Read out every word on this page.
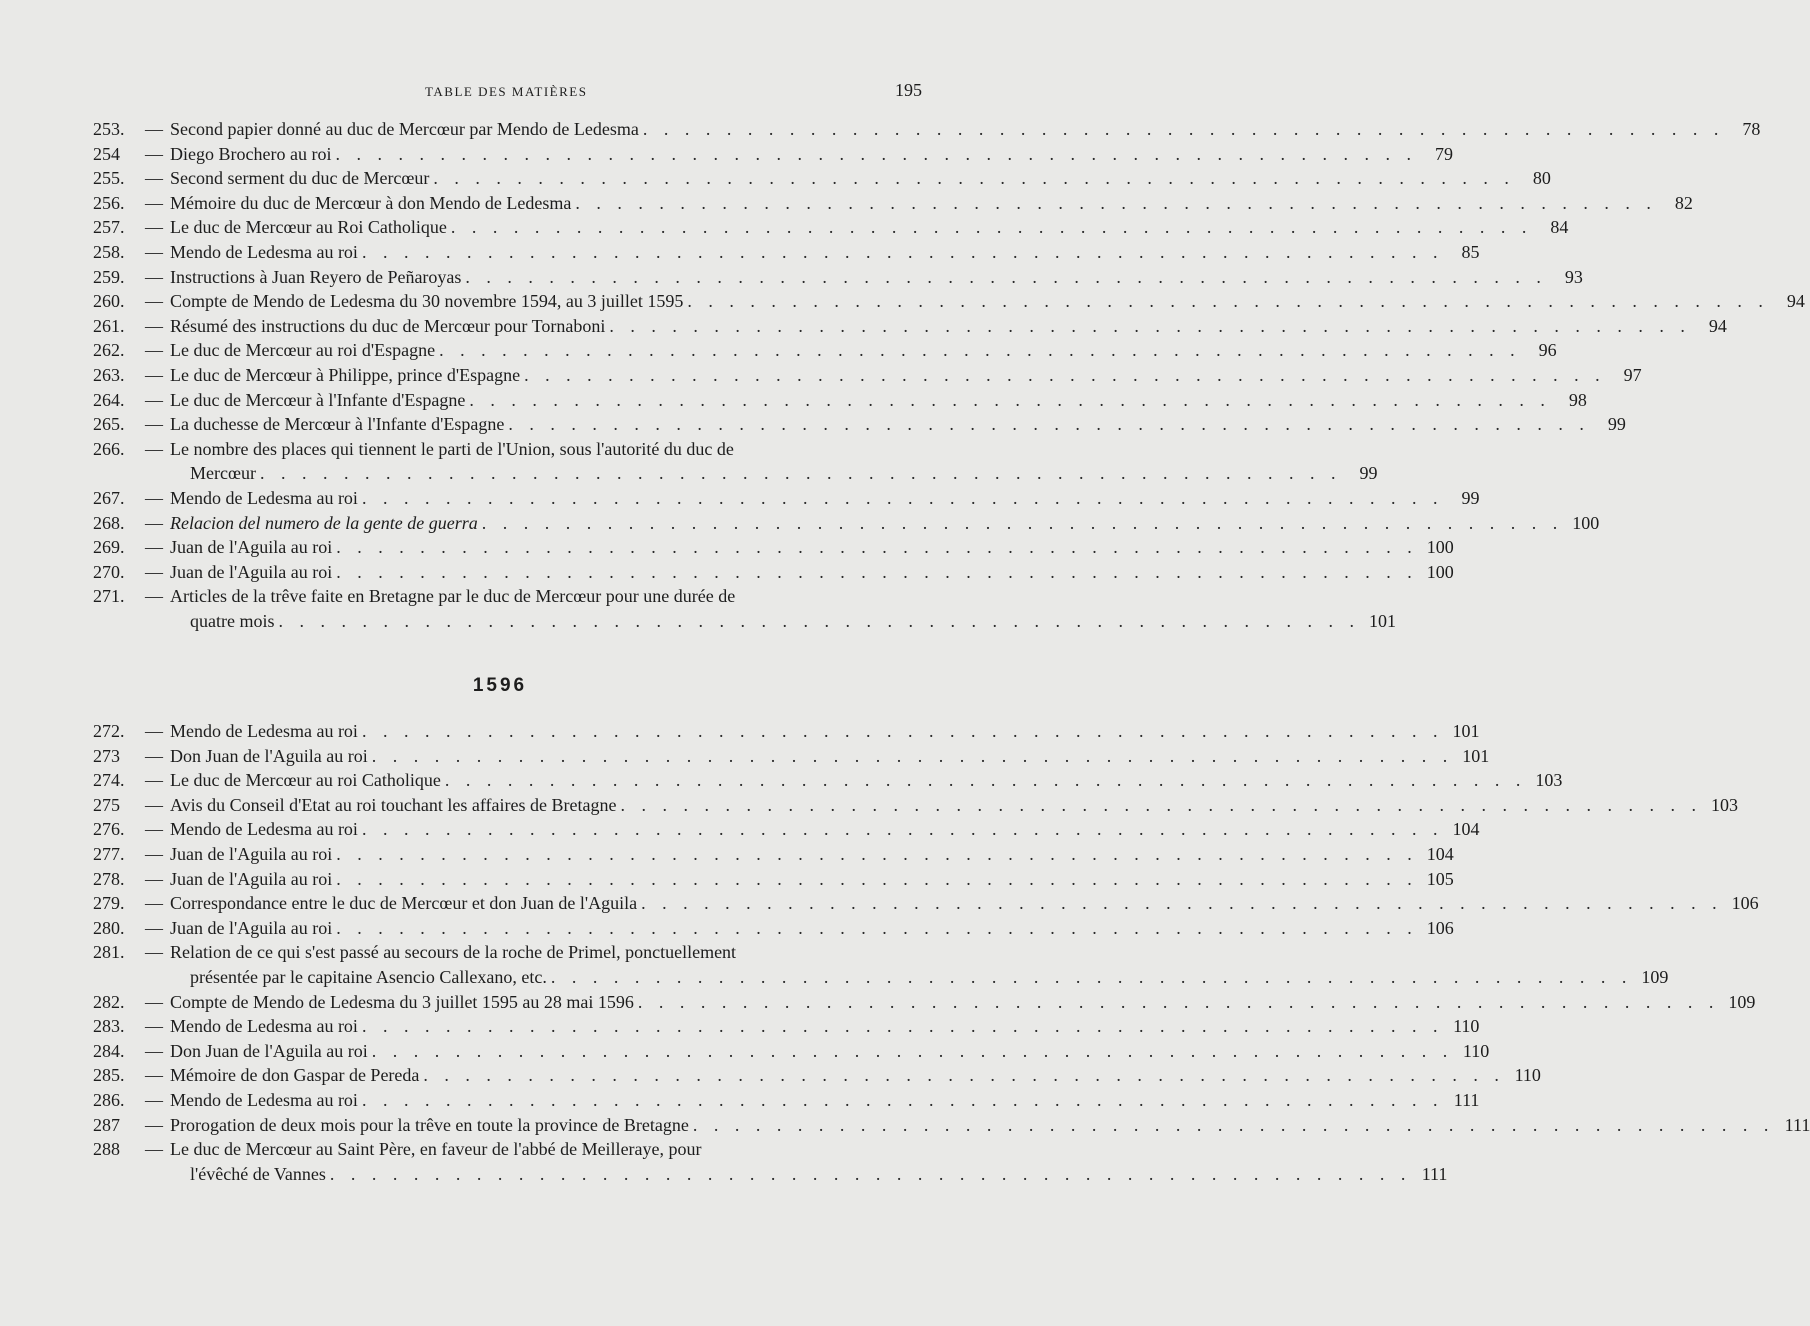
TABLE DES MATIÈRES	195
253.	— Second papier donné au duc de Mercœur par Mendo de Ledesma . . . . . . . . . . . . . . . . . . . . . . . . . . . . . . . . . . . . . . . . . . . . . . . . . . . .	78
254	— Diego Brochero au roi . . . . . . . . . . . . . . . . . . . . . . . . . . . . . . . . . . . . . . . . . . . . . . . . . . . .	79
255.	— Second serment du duc de Mercœur . . . . . . . . . . . . . . . . . . . . . . . . . . . . . . . . . . . . . . . . . . . . . . . . . . . .	80
256.	— Mémoire du duc de Mercœur à don Mendo de Ledesma . . . . . . . . . . . . . . . . . . . . . . . . . . . . . . . . . . . . . . . . . . . . . . . . . . . .	82
257.	— Le duc de Mercœur au Roi Catholique . . . . . . . . . . . . . . . . . . . . . . . . . . . . . . . . . . . . . . . . . . . . . . . . . . . .	84
258.	— Mendo de Ledesma au roi . . . . . . . . . . . . . . . . . . . . . . . . . . . . . . . . . . . . . . . . . . . . . . . . . . . .	85
259.	— Instructions à Juan Reyero de Peñaroyas . . . . . . . . . . . . . . . . . . . . . . . . . . . . . . . . . . . . . . . . . . . . . . . . . . . .	93
260.	— Compte de Mendo de Ledesma du 30 novembre 1594, au 3 juillet 1595 . . . . . . . . . . . . . . . . . . . . . . . . . . . . . . . . . . . . . . . . . . . . . . . . . . . .	94
261.	— Résumé des instructions du duc de Mercœur pour Tornaboni . . . . . . . . . . . . . . . . . . . . . . . . . . . . . . . . . . . . . . . . . . . . . . . . . . . .	94
262.	— Le duc de Mercœur au roi d'Espagne . . . . . . . . . . . . . . . . . . . . . . . . . . . . . . . . . . . . . . . . . . . . . . . . . . . .	96
263.	— Le duc de Mercœur à Philippe, prince d'Espagne . . . . . . . . . . . . . . . . . . . . . . . . . . . . . . . . . . . . . . . . . . . . . . . . . . . .	97
264.	— Le duc de Mercœur à l'Infante d'Espagne . . . . . . . . . . . . . . . . . . . . . . . . . . . . . . . . . . . . . . . . . . . . . . . . . . . .	98
265.	— La duchesse de Mercœur à l'Infante d'Espagne . . . . . . . . . . . . . . . . . . . . . . . . . . . . . . . . . . . . . . . . . . . . . . . . . . . .	99
266.	— Le nombre des places qui tiennent le parti de l'Union, sous l'autorité du duc de
Mercœur . . . . . . . . . . . . . . . . . . . . . . . . . . . . . . . . . . . . . . . . . . . . . . . . . . . .	99
267.	— Mendo de Ledesma au roi . . . . . . . . . . . . . . . . . . . . . . . . . . . . . . . . . . . . . . . . . . . . . . . . . . . .	99
268.	— Relacion del numero de la gente de guerra . . . . . . . . . . . . . . . . . . . . . . . . . . . . . . . . . . . . . . . . . . . . . . . . . . . . 100
269.	— Juan de l'Aguila au roi . . . . . . . . . . . . . . . . . . . . . . . . . . . . . . . . . . . . . . . . . . . . . . . . . . . . 100
270.	— Juan de l'Aguila au roi . . . . . . . . . . . . . . . . . . . . . . . . . . . . . . . . . . . . . . . . . . . . . . . . . . . . 100
271.	— Articles de la trêve faite en Bretagne par le duc de Mercœur pour une durée de
quatre mois . . . . . . . . . . . . . . . . . . . . . . . . . . . . . . . . . . . . . . . . . . . . . . . . . . . . 101
1596
272.	— Mendo de Ledesma au roi . . . . . . . . . . . . . . . . . . . . . . . . . . . . . . . . . . . . . . . . . . . . . . . . . . . . 101
273	— Don Juan de l'Aguila au roi . . . . . . . . . . . . . . . . . . . . . . . . . . . . . . . . . . . . . . . . . . . . . . . . . . . . 101
274.	— Le duc de Mercœur au roi Catholique . . . . . . . . . . . . . . . . . . . . . . . . . . . . . . . . . . . . . . . . . . . . . . . . . . . . 103
275	— Avis du Conseil d'Etat au roi touchant les affaires de Bretagne . . . . . . . . . . . . . . . . . . . . . . . . . . . . . . . . . . . . . . . . . . . . . . . . . . . . 103
276.	— Mendo de Ledesma au roi . . . . . . . . . . . . . . . . . . . . . . . . . . . . . . . . . . . . . . . . . . . . . . . . . . . . 104
277.	— Juan de l'Aguila au roi . . . . . . . . . . . . . . . . . . . . . . . . . . . . . . . . . . . . . . . . . . . . . . . . . . . . 104
278.	— Juan de l'Aguila au roi . . . . . . . . . . . . . . . . . . . . . . . . . . . . . . . . . . . . . . . . . . . . . . . . . . . . 105
279.	— Correspondance entre le duc de Mercœur et don Juan de l'Aguila . . . . . . . . . . . . . . . . . . . . . . . . . . . . . . . . . . . . . . . . . . . . . . . . . . . . 106
280.	— Juan de l'Aguila au roi . . . . . . . . . . . . . . . . . . . . . . . . . . . . . . . . . . . . . . . . . . . . . . . . . . . . 106
281.	— Relation de ce qui s'est passé au secours de la roche de Primel, ponctuellement
présentée par le capitaine Asencio Callexano, etc. . . . . . . . . . . . . . . . . . . . . . . . . . . . . . . . . . . . . . . . . . . . . . . . . . . . . 109
282.	— Compte de Mendo de Ledesma du 3 juillet 1595 au 28 mai 1596 . . . . . . . . . . . . . . . . . . . . . . . . . . . . . . . . . . . . . . . . . . . . . . . . . . . . 109
283.	— Mendo de Ledesma au roi . . . . . . . . . . . . . . . . . . . . . . . . . . . . . . . . . . . . . . . . . . . . . . . . . . . . 110
284.	— Don Juan de l'Aguila au roi . . . . . . . . . . . . . . . . . . . . . . . . . . . . . . . . . . . . . . . . . . . . . . . . . . . . 110
285.	— Mémoire de don Gaspar de Pereda . . . . . . . . . . . . . . . . . . . . . . . . . . . . . . . . . . . . . . . . . . . . . . . . . . . . 110
286.	— Mendo de Ledesma au roi . . . . . . . . . . . . . . . . . . . . . . . . . . . . . . . . . . . . . . . . . . . . . . . . . . . . 111
287	— Prorogation de deux mois pour la trêve en toute la province de Bretagne . . . . . . . . . . . . . . . . . . . . . . . . . . . . . . . . . . . . . . . . . . . . . . . . . . . . 111
288	— Le duc de Mercœur au Saint Père, en faveur de l'abbé de Meilleraye, pour
l'évêché de Vannes . . . . . . . . . . . . . . . . . . . . . . . . . . . . . . . . . . . . . . . . . . . . . . . . . . . . 111
